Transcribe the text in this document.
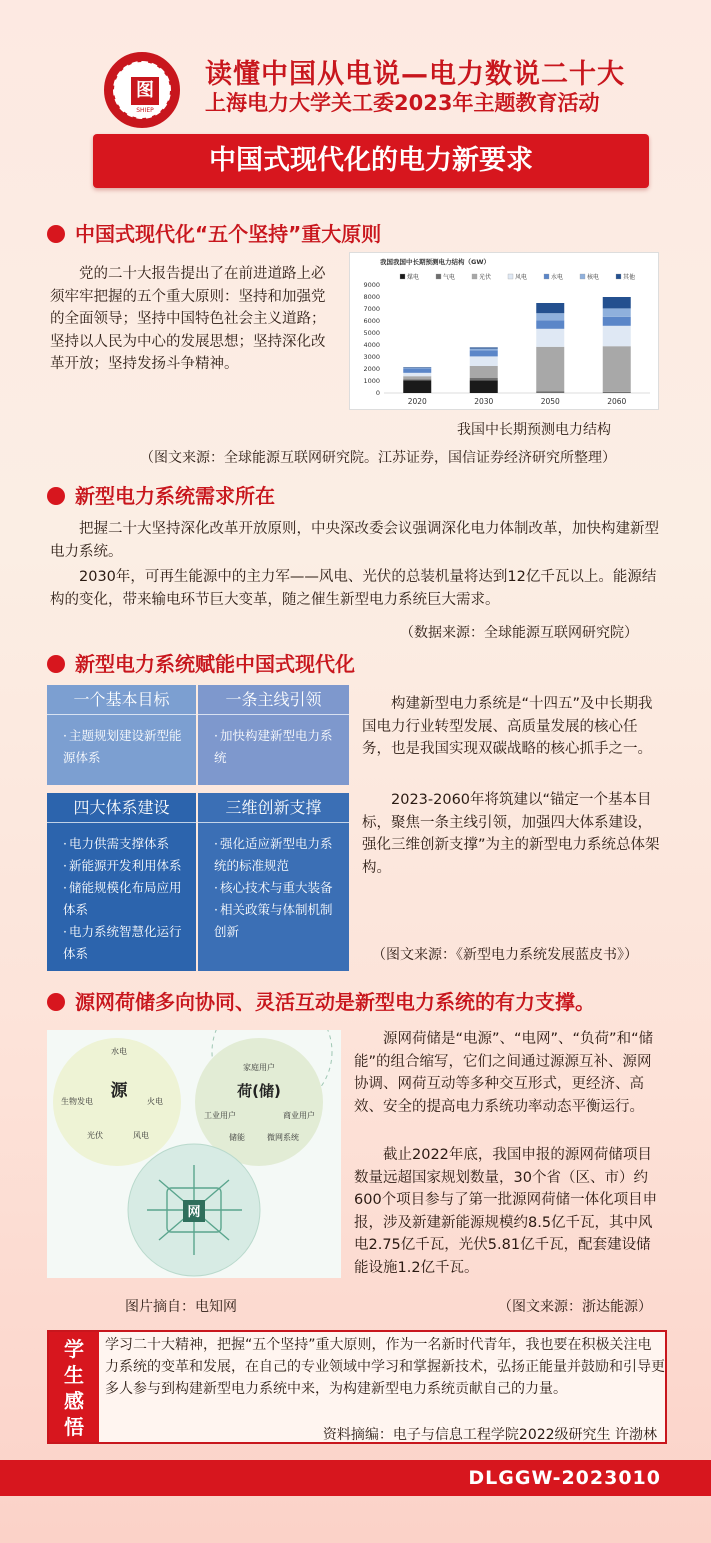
图
SHIEP
读懂中国从电说—电力数说二十大
上海电力大学关工委2023年主题教育活动
中国式现代化的电力新要求
中国式现代化“五个坚持”重大原则
党的二十大报告提出了在前进道路上必须牢牢把握的五个重大原则：坚持和加强党的全面领导；坚持中国特色社会主义道路；坚持以人民为中心的发展思想；坚持深化改革开放；坚持发扬斗争精神。
我国我国中长期预测电力结构（GW）
煤电	气电	光伏	风电	水电	核电	其他
0
1000
2000
3000
4000
5000
6000
7000
8000
9000
2020	2030	2050	2060
我国中长期预测电力结构
（图文来源：全球能源互联网研究院。江苏证券，国信证券经济研究所整理）
新型电力系统需求所在
把握二十大坚持深化改革开放原则，中央深改委会议强调深化电力体制改革，加快构建新型电力系统。
2030年，可再生能源中的主力军——风电、光伏的总装机量将达到12亿千瓦以上。能源结构的变化，带来输电环节巨大变革，随之催生新型电力系统巨大需求。
（数据来源：全球能源互联网研究院）
新型电力系统赋能中国式现代化
一个基本目标
· 主题规划建设新型能源体系
一条主线引领
· 加快构建新型电力系统
四大体系建设
· 电力供需支撑体系
· 新能源开发利用体系
· 储能规模化布局应用体系
· 电力系统智慧化运行体系
三维创新支撑
· 强化适应新型电力系统的标准规范
· 核心技术与重大装备
· 相关政策与体制机制创新
构建新型电力系统是“十四五”及中长期我国电力行业转型发展、高质量发展的核心任务，也是我国实现双碳战略的核心抓手之一。
2023-2060年将筑建以“锚定一个基本目标，聚焦一条主线引领，加强四大体系建设，强化三维创新支撑”为主的新型电力系统总体架构。
（图文来源：《新型电力系统发展蓝皮书》）
源网荷储多向协同、灵活互动是新型电力系统的有力支撑。
网
源
水电
生物发电	火电
光伏	风电
荷(储)
家庭用户
工业用户	商业用户
储能	微网系统
图片摘自：电知网
源网荷储是“电源”、“电网”、“负荷”和“储能”的组合缩写，它们之间通过源源互补、源网协调、网荷互动等多种交互形式，更经济、高效、安全的提高电力系统功率动态平衡运行。
截止2022年底，我国申报的源网荷储项目数量远超国家规划数量，30个省（区、市）约600个项目参与了第一批源网荷储一体化项目申报，涉及新建新能源规模约8.5亿千瓦，其中风电2.75亿千瓦，光伏5.81亿千瓦，配套建设储能设施1.2亿千瓦。
（图文来源：浙达能源）
学
生
感
悟
学习二十大精神，把握“五个坚持”重大原则，作为一名新时代青年，我也要在积极关注电力系统的变革和发展，在自己的专业领域中学习和掌握新技术，弘扬正能量并鼓励和引导更多人参与到构建新型电力系统中来，为构建新型电力系统贡献自己的力量。
资料摘编：电子与信息工程学院2022级研究生 许渤林
DLGGW-2023010
